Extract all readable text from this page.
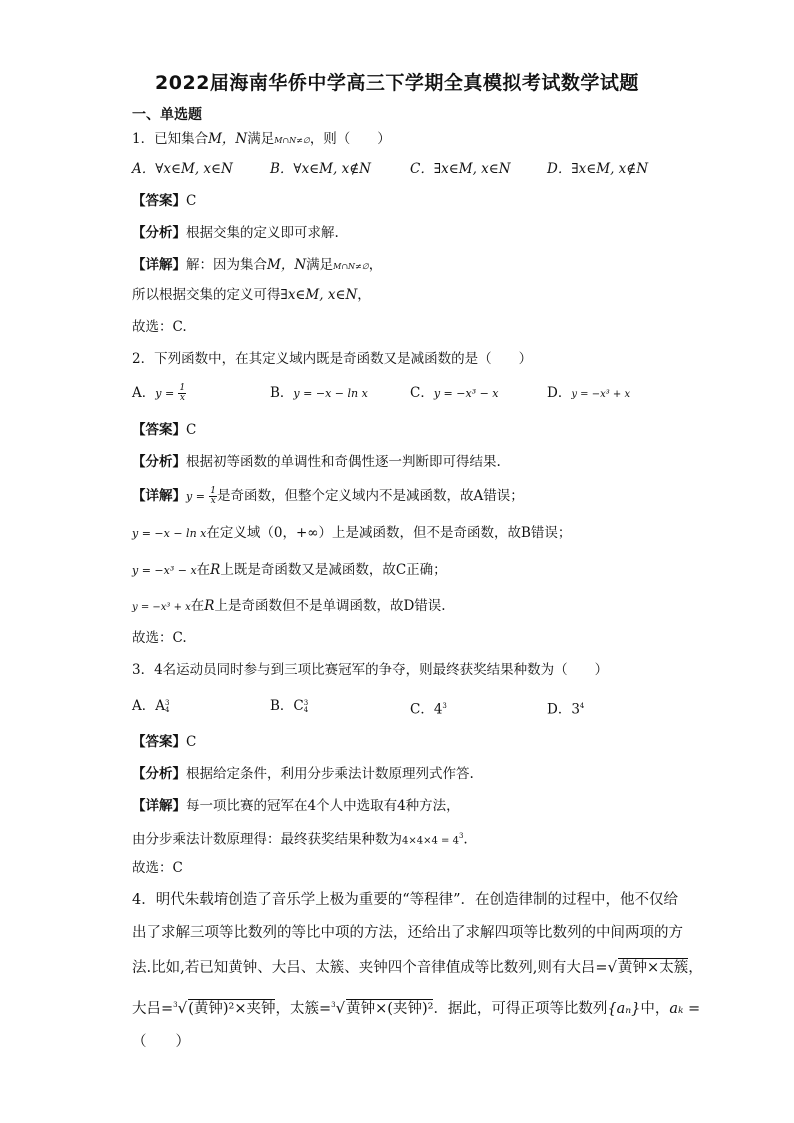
2022届海南华侨中学高三下学期全真模拟考试数学试题
一、单选题
1．已知集合M，N满足M∩N≠∅，则（　　）
A．∀x∈M, x∈N	B．∀x∈M, x∉N	C．∃x∈M, x∈N	D．∃x∈M, x∉N
【答案】C
【分析】根据交集的定义即可求解.
【详解】解：因为集合M，N满足M∩N≠∅，
所以根据交集的定义可得∃x∈M, x∈N，
故选：C.
2．下列函数中，在其定义域内既是奇函数又是减函数的是（　　）
A．$y = \frac{1}{x}$	B．y = −x − ln x	C．y = −x³ − x	D．y = −x³ + x
【答案】C
【分析】根据初等函数的单调性和奇偶性逐一判断即可得结果.
【详解】$y = \frac{1}{x}$ 是奇函数，但整个定义域内不是减函数，故A错误；
y = −x − ln x在定义域（0，+∞）上是减函数，但不是奇函数，故B错误；
y = −x³ − x在R上既是奇函数又是减函数，故C正确；
y = −x³ + x在R上是奇函数但不是单调函数，故D错误.
故选：C.
3．4名运动员同时参与到三项比赛冠军的争夺，则最终获奖结果种数为（　　）
A．A 3
4	B．C 3
4	C．$4^3$	D．$3^4$
【答案】C
【分析】根据给定条件，利用分步乘法计数原理列式作答.
【详解】每一项比赛的冠军在4个人中选取有4种方法，
由分步乘法计数原理得：最终获奖结果种数为$4\times 4\times 4 = 4^3$.
故选：C
4．明代朱载堉创造了音乐学上极为重要的“等程律”．在创造律制的过程中，他不仅给
出了求解三项等比数列的等比中项的方法，还给出了求解四项等比数列的中间两项的方
法.比如,若已知黄钟、大吕、太簇、夹钟四个音律值成等比数列,则有大吕=√黄钟×太簇，
大吕=$^3$√(黄钟)²×夹钟，太簇=$^3$√黄钟×(夹钟)²．据此，可得正项等比数列{aₙ}中，aₖ =
（　　）
